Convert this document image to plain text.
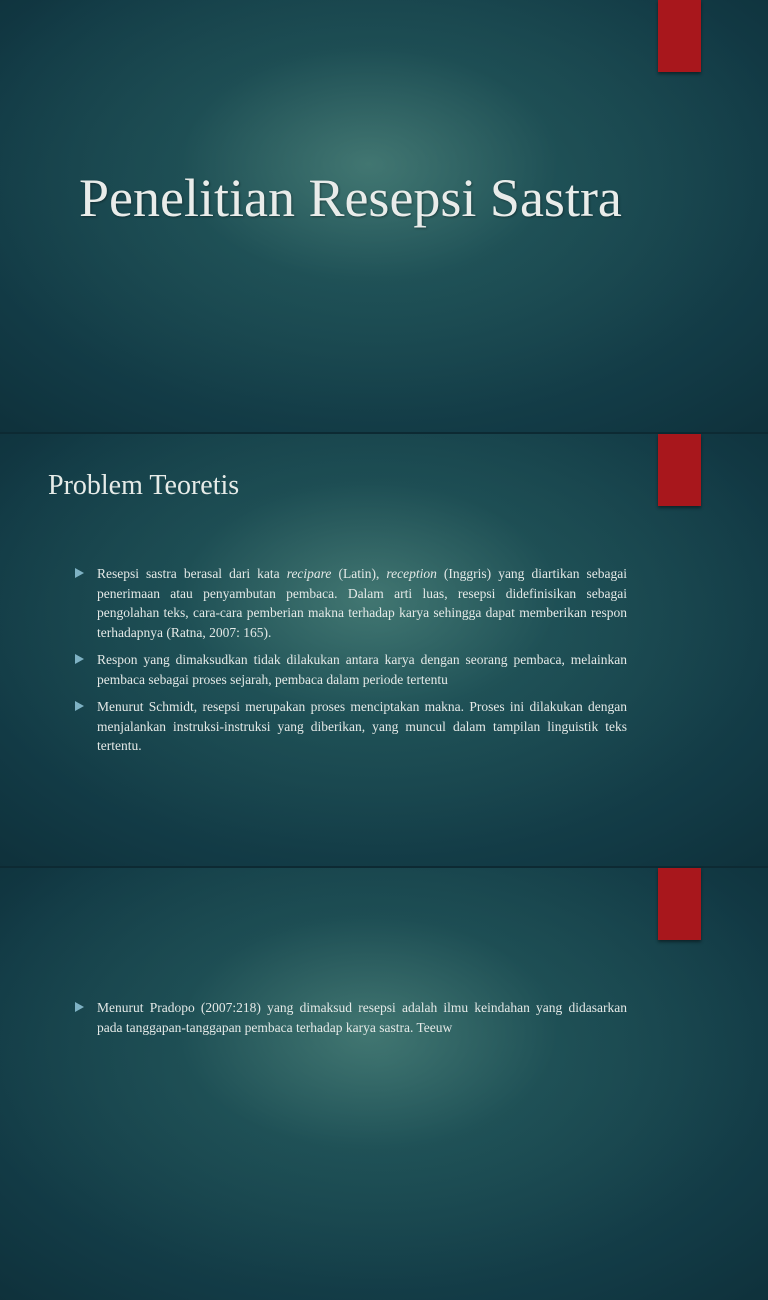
Penelitian Resepsi Sastra
Problem Teoretis
Resepsi sastra berasal dari kata recipare (Latin), reception (Inggris) yang diartikan sebagai penerimaan atau penyambutan pembaca. Dalam arti luas, resepsi didefinisikan sebagai pengolahan teks, cara-cara pemberian makna terhadap karya sehingga dapat memberikan respon terhadapnya (Ratna, 2007: 165).
Respon yang dimaksudkan tidak dilakukan antara karya dengan seorang pembaca, melainkan pembaca sebagai proses sejarah, pembaca dalam periode tertentu
Menurut Schmidt, resepsi merupakan proses menciptakan makna. Proses ini dilakukan dengan menjalankan instruksi-instruksi yang diberikan, yang muncul dalam tampilan linguistik teks tertentu.
Menurut Pradopo (2007:218) yang dimaksud resepsi adalah ilmu keindahan yang didasarkan pada tanggapan-tanggapan pembaca terhadap karya sastra. Teeuw
